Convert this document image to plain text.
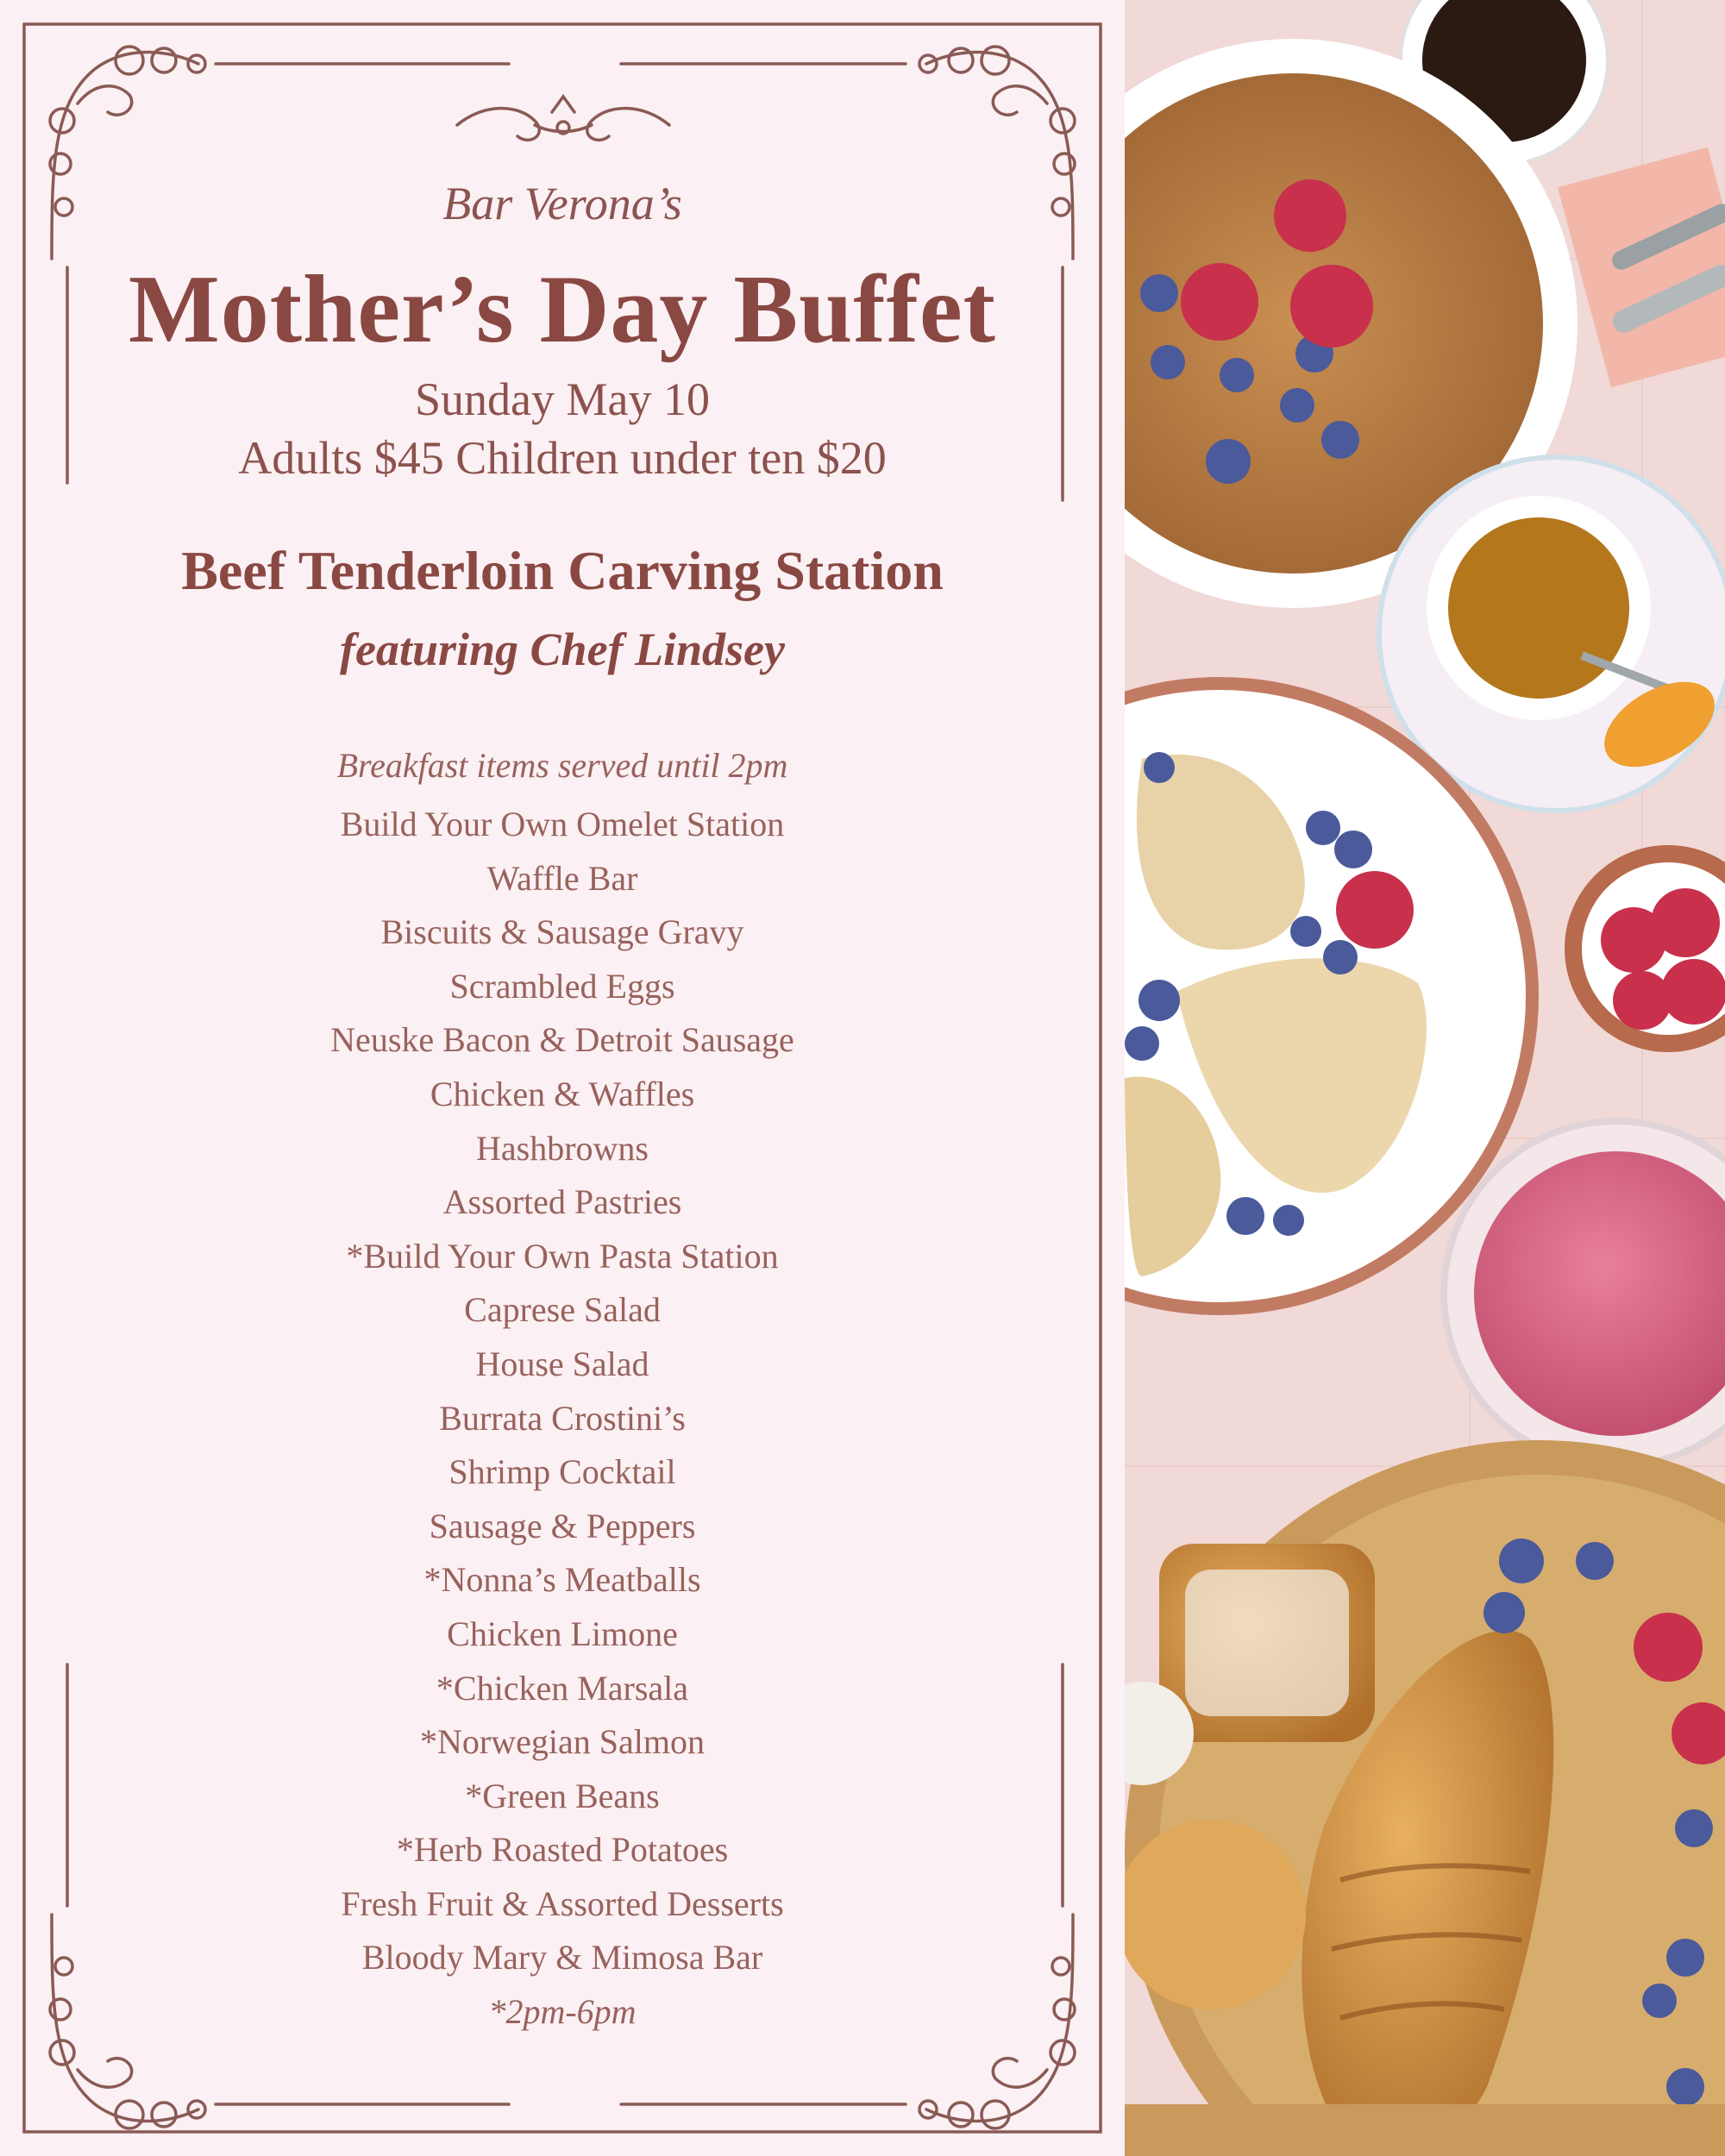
Bar Verona’s
Mother’s Day Buffet
Sunday May 10
Adults $45 Children under ten $20
Beef Tenderloin Carving Station
featuring Chef Lindsey
Breakfast items served until 2pm
Build Your Own Omelet Station
Waffle Bar
Biscuits & Sausage Gravy
Scrambled Eggs
Neuske Bacon & Detroit Sausage
Chicken & Waffles
Hashbrowns
Assorted Pastries
*Build Your Own Pasta Station
Caprese Salad
House Salad
Burrata Crostini’s
Shrimp Cocktail
Sausage & Peppers
*Nonna’s Meatballs
Chicken Limone
*Chicken Marsala
*Norwegian Salmon
*Green Beans
*Herb Roasted Potatoes
Fresh Fruit & Assorted Desserts
Bloody Mary & Mimosa Bar
*2pm-6pm
